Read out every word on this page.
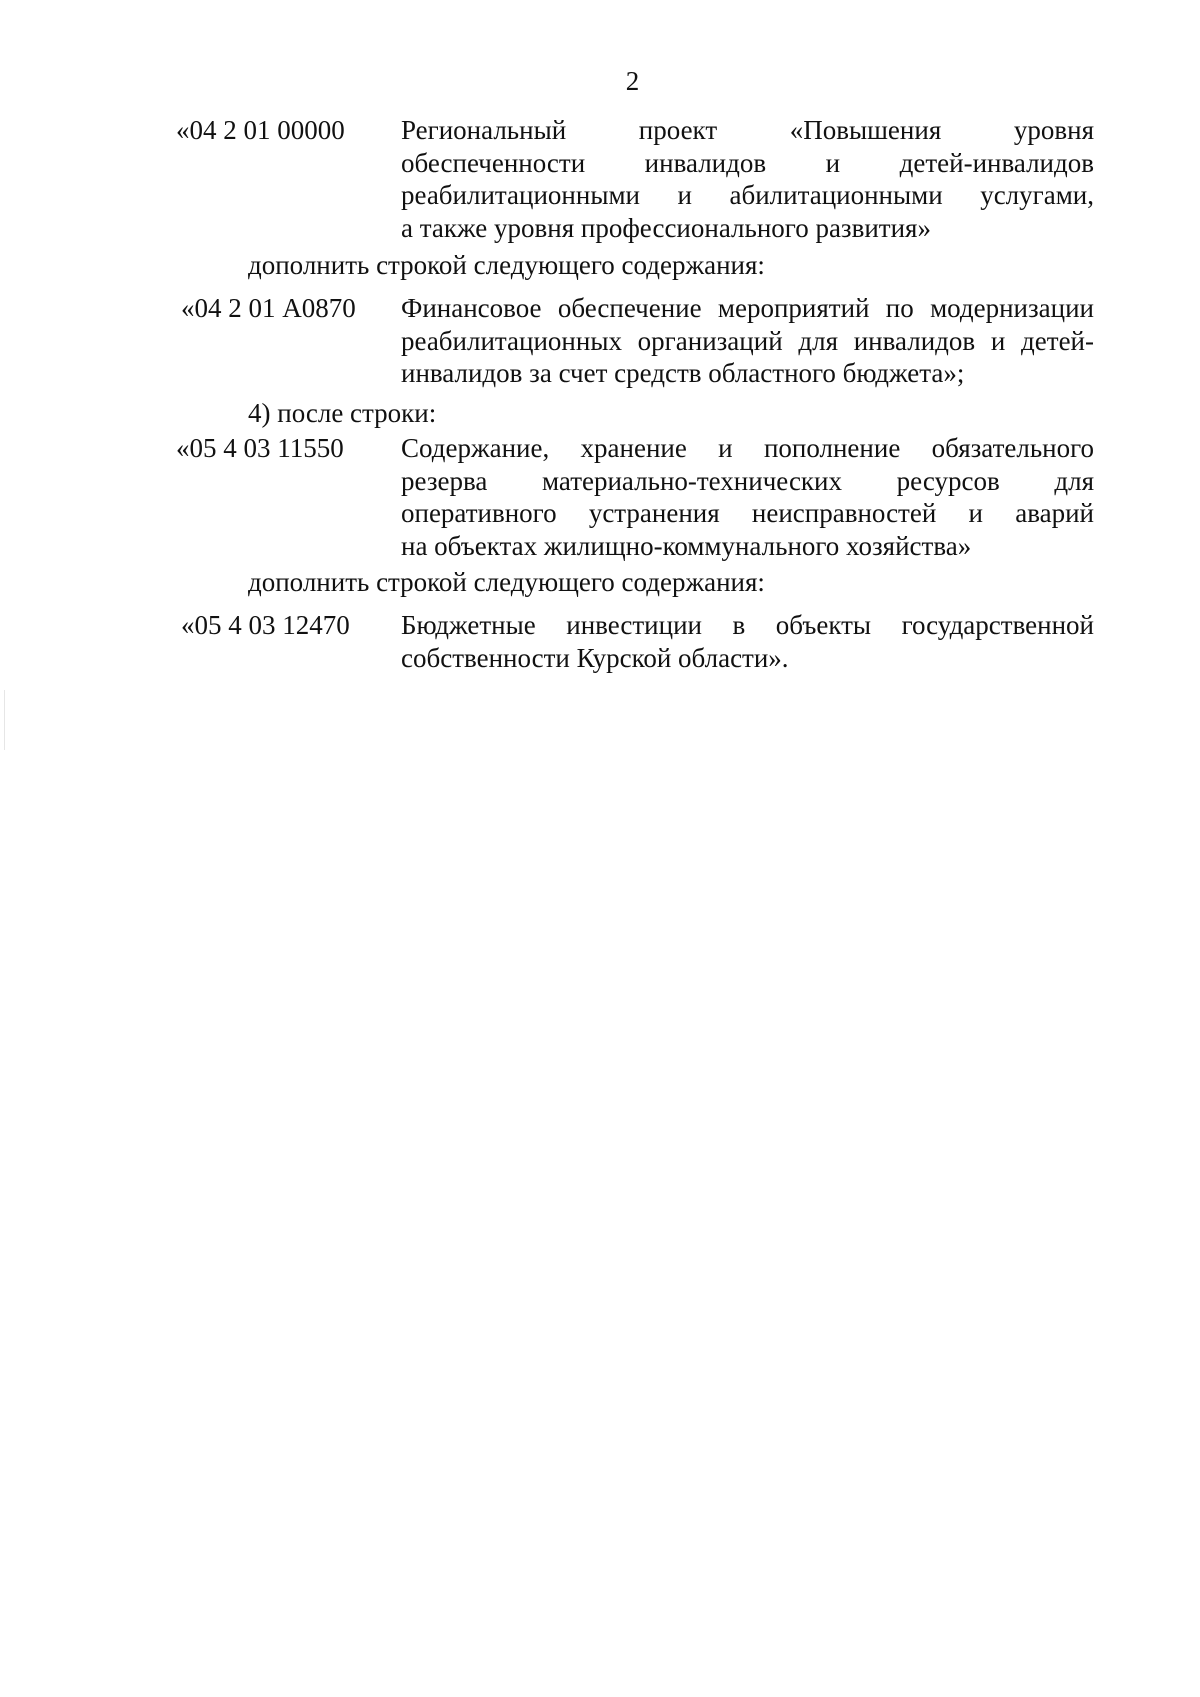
2
«04 2 01 00000 Региональный проект «Повышения уровня
обеспеченности инвалидов и детей-инвалидов
реабилитационными и абилитационными услугами,
а также уровня профессионального развития»
дополнить строкой следующего содержания:
«04 2 01 А0870 Финансовое обеспечение мероприятий по модернизации
реабилитационных организаций для инвалидов и детей-
инвалидов за счет средств областного бюджета»;
4) после строки:
«05 4 03 11550 Содержание, хранение и пополнение обязательного
резерва материально-технических ресурсов для
оперативного устранения неисправностей и аварий
на объектах жилищно-коммунального хозяйства»
дополнить строкой следующего содержания:
«05 4 03 12470 Бюджетные инвестиции в объекты государственной
собственности Курской области».
